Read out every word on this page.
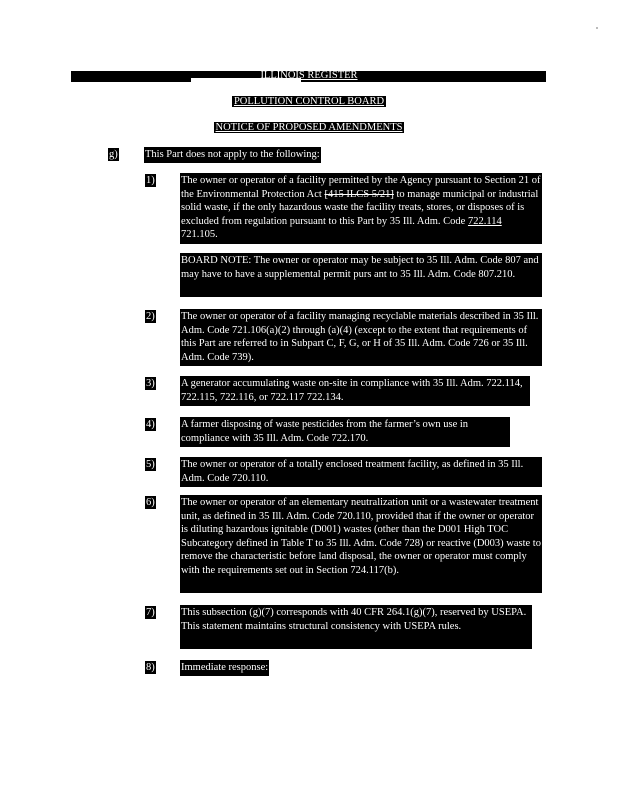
ILLINOIS REGISTER
POLLUTION CONTROL BOARD
NOTICE OF PROPOSED AMENDMENTS
g)	This Part does not apply to the following:
1)	The owner or operator of a facility permitted by the Agency pursuant to Section 21 of the Environmental Protection Act [415 ILCS 5/21] to manage municipal or industrial solid waste, if the only hazardous waste the facility treats, stores, or disposes of is excluded from regulation pursuant to this Part by 35 Ill. Adm. Code 722.114 721.105.
BOARD NOTE: The owner or operator may be subject to 35 Ill. Adm. Code 807 and may have to have a supplemental permit purs ant to 35 Ill. Adm. Code 807.210.
2)	The owner or operator of a facility managing recyclable materials described in 35 Ill. Adm. Code 721.106(a)(2) through (a)(4) (except to the extent that requirements of this Part are referred to in Subpart C, F, G, or H of 35 Ill. Adm. Code 726 or 35 Ill. Adm. Code 739).
3)	A generator accumulating waste on-site in compliance with 35 Ill. Adm. 722.114, 722.115, 722.116, or 722.117 722.134.
4)	A farmer disposing of waste pesticides from the farmer’s own use in compliance with 35 Ill. Adm. Code 722.170.
5)	The owner or operator of a totally enclosed treatment facility, as defined in 35 Ill. Adm. Code 720.110.
6)	The owner or operator of an elementary neutralization unit or a wastewater treatment unit, as defined in 35 Ill. Adm. Code 720.110, provided that if the owner or operator is diluting hazardous ignitable (D001) wastes (other than the D001 High TOC Subcategory defined in Table T to 35 Ill. Adm. Code 728) or reactive (D003) waste to remove the characteristic before land disposal, the owner or operator must comply with the requirements set out in Section 724.117(b).
7)	This subsection (g)(7) corresponds with 40 CFR 264.1(g)(7), reserved by USEPA. This statement maintains structural consistency with USEPA rules.
8)	Immediate response:
